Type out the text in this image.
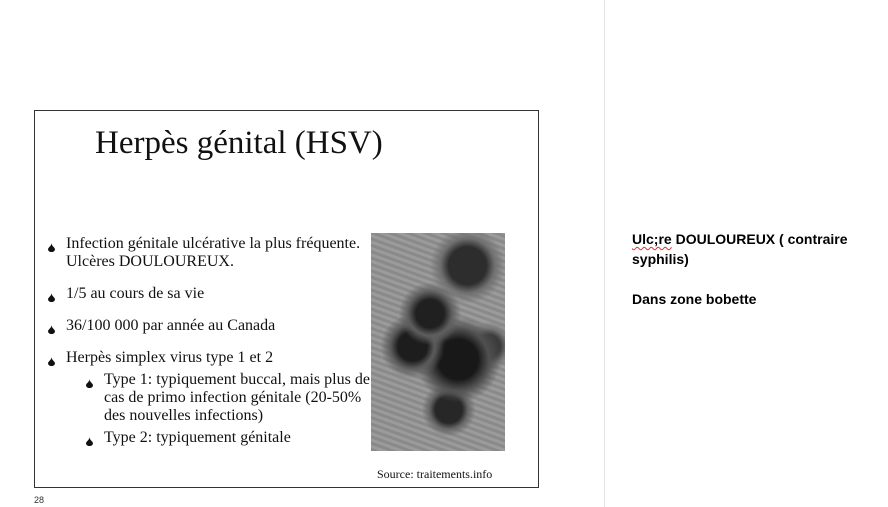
Herpès génital (HSV)
Infection génitale ulcérative la plus fréquente. Ulcères DOULOUREUX.
1/5 au cours de sa vie
36/100 000 par année au Canada
Herpès simplex virus type 1 et 2
Type 1: typiquement buccal, mais plus de cas de primo infection génitale (20-50% des nouvelles infections)
Type 2: typiquement génitale
Source: traitements.info
28

Ulc;re DOULOUREUX ( contraire syphilis)

Dans zone bobette
